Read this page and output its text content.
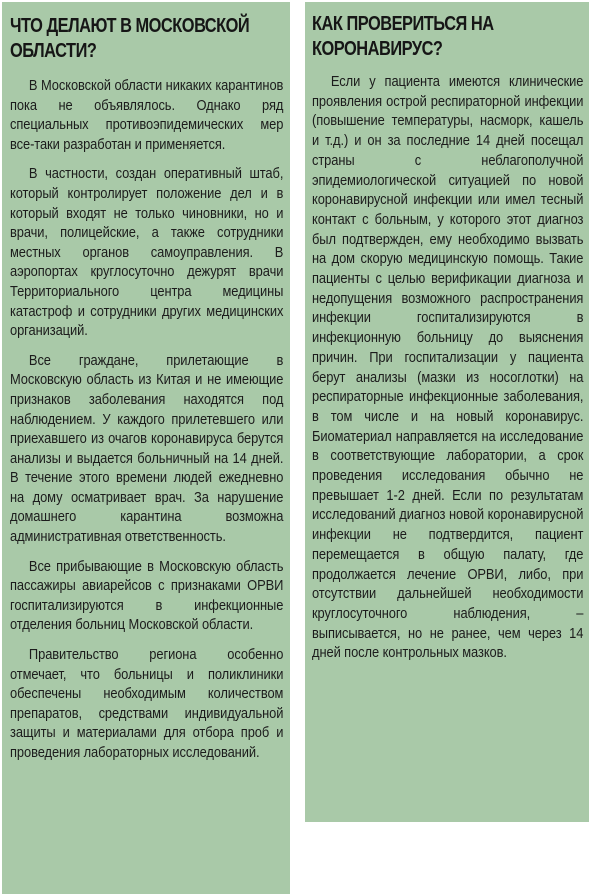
ЧТО ДЕЛАЮТ В МОСКОВСКОЙ ОБЛАСТИ?

В Московской области никаких карантинов пока не объявлялось. Однако ряд специальных противоэпидемических мер все-таки разработан и применяется.

В частности, создан оперативный штаб, который контролирует положение дел и в который входят не только чиновники, но и врачи, полицейские, а также сотрудники местных органов самоуправления. В аэропортах круглосуточно дежурят врачи Территориального центра медицины катастроф и сотрудники других медицинских организаций.

Все граждане, прилетающие в Московскую область из Китая и не имеющие признаков заболевания находятся под наблюдением. У каждого прилетевшего или приехавшего из очагов коронавируса берутся анализы и выдается больничный на 14 дней. В течение этого времени людей ежедневно на дому осматривает врач. За нарушение домашнего карантина возможна административная ответственность.

Все прибывающие в Московскую область пассажиры авиарейсов с признаками ОРВИ госпитализируются в инфекционные отделения больниц Московской области.

Правительство региона особенно отмечает, что больницы и поликлиники обеспечены необходимым количеством препаратов, средствами индивидуальной защиты и материалами для отбора проб и проведения лабораторных исследований.

КАК ПРОВЕРИТЬСЯ НА КОРОНАВИРУС?

Если у пациента имеются клинические проявления острой респираторной инфекции (повышение температуры, насморк, кашель и т.д.) и он за последние 14 дней посещал страны с неблагополучной эпидемиологической ситуацией по новой коронавирусной инфекции или имел тесный контакт с больным, у которого этот диагноз был подтвержден, ему необходимо вызвать на дом скорую медицинскую помощь. Такие пациенты с целью верификации диагноза и недопущения возможного распространения инфекции госпитализируются в инфекционную больницу до выяснения причин. При госпитализации у пациента берут анализы (мазки из носоглотки) на респираторные инфекционные заболевания, в том числе и на новый коронавирус. Биоматериал направляется на исследование в соответствующие лаборатории, а срок проведения исследования обычно не превышает 1-2 дней. Если по результатам исследований диагноз новой коронавирусной инфекции не подтвердится, пациент перемещается в общую палату, где продолжается лечение ОРВИ, либо, при отсутствии дальнейшей необходимости круглосуточного наблюдения, – выписывается, но не ранее, чем через 14 дней после контрольных мазков.
